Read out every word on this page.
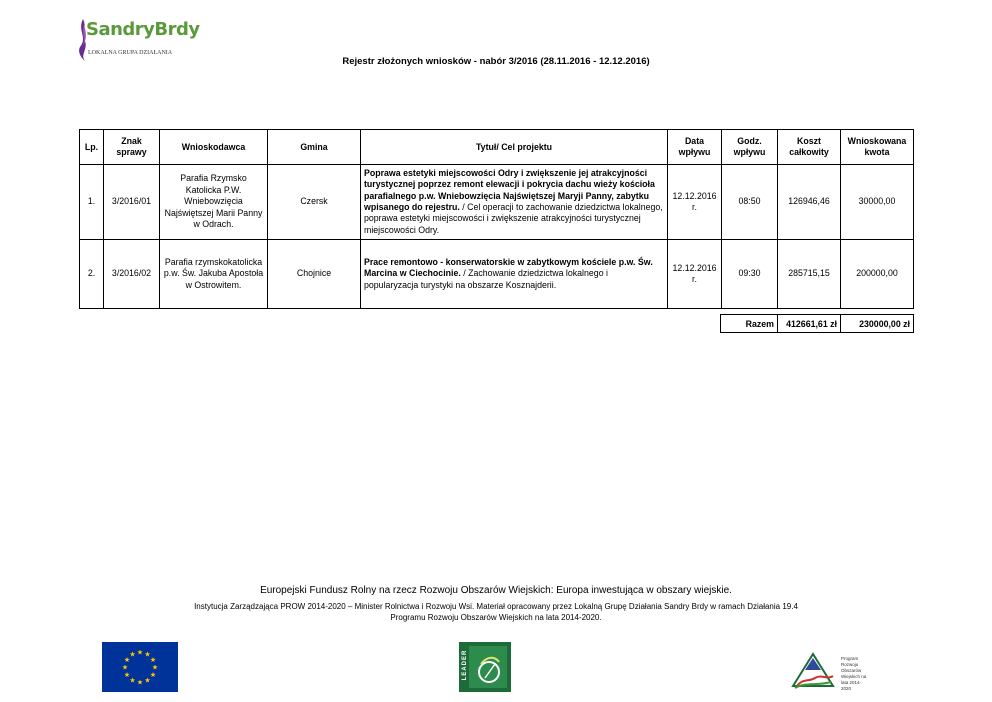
SandryBrdy
LOKALNA GRUPA DZIAŁANIA
Rejestr złożonych wniosków - nabór 3/2016 (28.11.2016 - 12.12.2016)
Lp.	Znak sprawy	Wnioskodawca	Gmina	Tytuł/ Cel projektu	Data wpływu	Godz. wpływu	Koszt całkowity	Wnioskowana kwota
1.	3/2016/01	Parafia Rzymsko Katolicka P.W. Wniebowzięcia Najświętszej Marii Panny w Odrach.	Czersk	Poprawa estetyki miejscowości Odry i zwiększenie jej atrakcyjności turystycznej poprzez remont elewacji i pokrycia dachu wieży kościoła parafialnego p.w. Wniebowzięcia Najświętszej Maryji Panny, zabytku wpisanego do rejestru. / Cel operacji to zachowanie dziedzictwa lokalnego, poprawa estetyki miejscowości i zwiększenie atrakcyjności turystycznej miejscowości Odry.	12.12.2016 r.	08:50	126946,46	30000,00
2.	3/2016/02	Parafia rzymskokatolicka p.w. Św. Jakuba Apostoła w Ostrowitem.	Chojnice	Prace remontowo - konserwatorskie w zabytkowym kościele p.w. Św. Marcina w Ciechocinie. / Zachowanie dziedzictwa lokalnego i popularyzacja turystyki na obszarze Kosznajderii.	12.12.2016 r.	09:30	285715,15	200000,00
Razem	412661,61 zł	230000,00 zł
Europejski Fundusz Rolny na rzecz Rozwoju Obszarów Wiejskich: Europa inwestująca w obszary wiejskie.
Instytucja Zarządzająca PROW 2014-2020 – Minister Rolnictwa i Rozwoju Wsi. Materiał opracowany przez Lokalną Grupę Działania Sandry Brdy w ramach Działania 19.4
Programu Rozwoju Obszarów Wiejskich na lata 2014-2020.
★
★
★
★
★
★
★
★
★ ★ ★
★	LEADER	Program Rozwoju Obszarów Wiejskich na lata 2014-2020
